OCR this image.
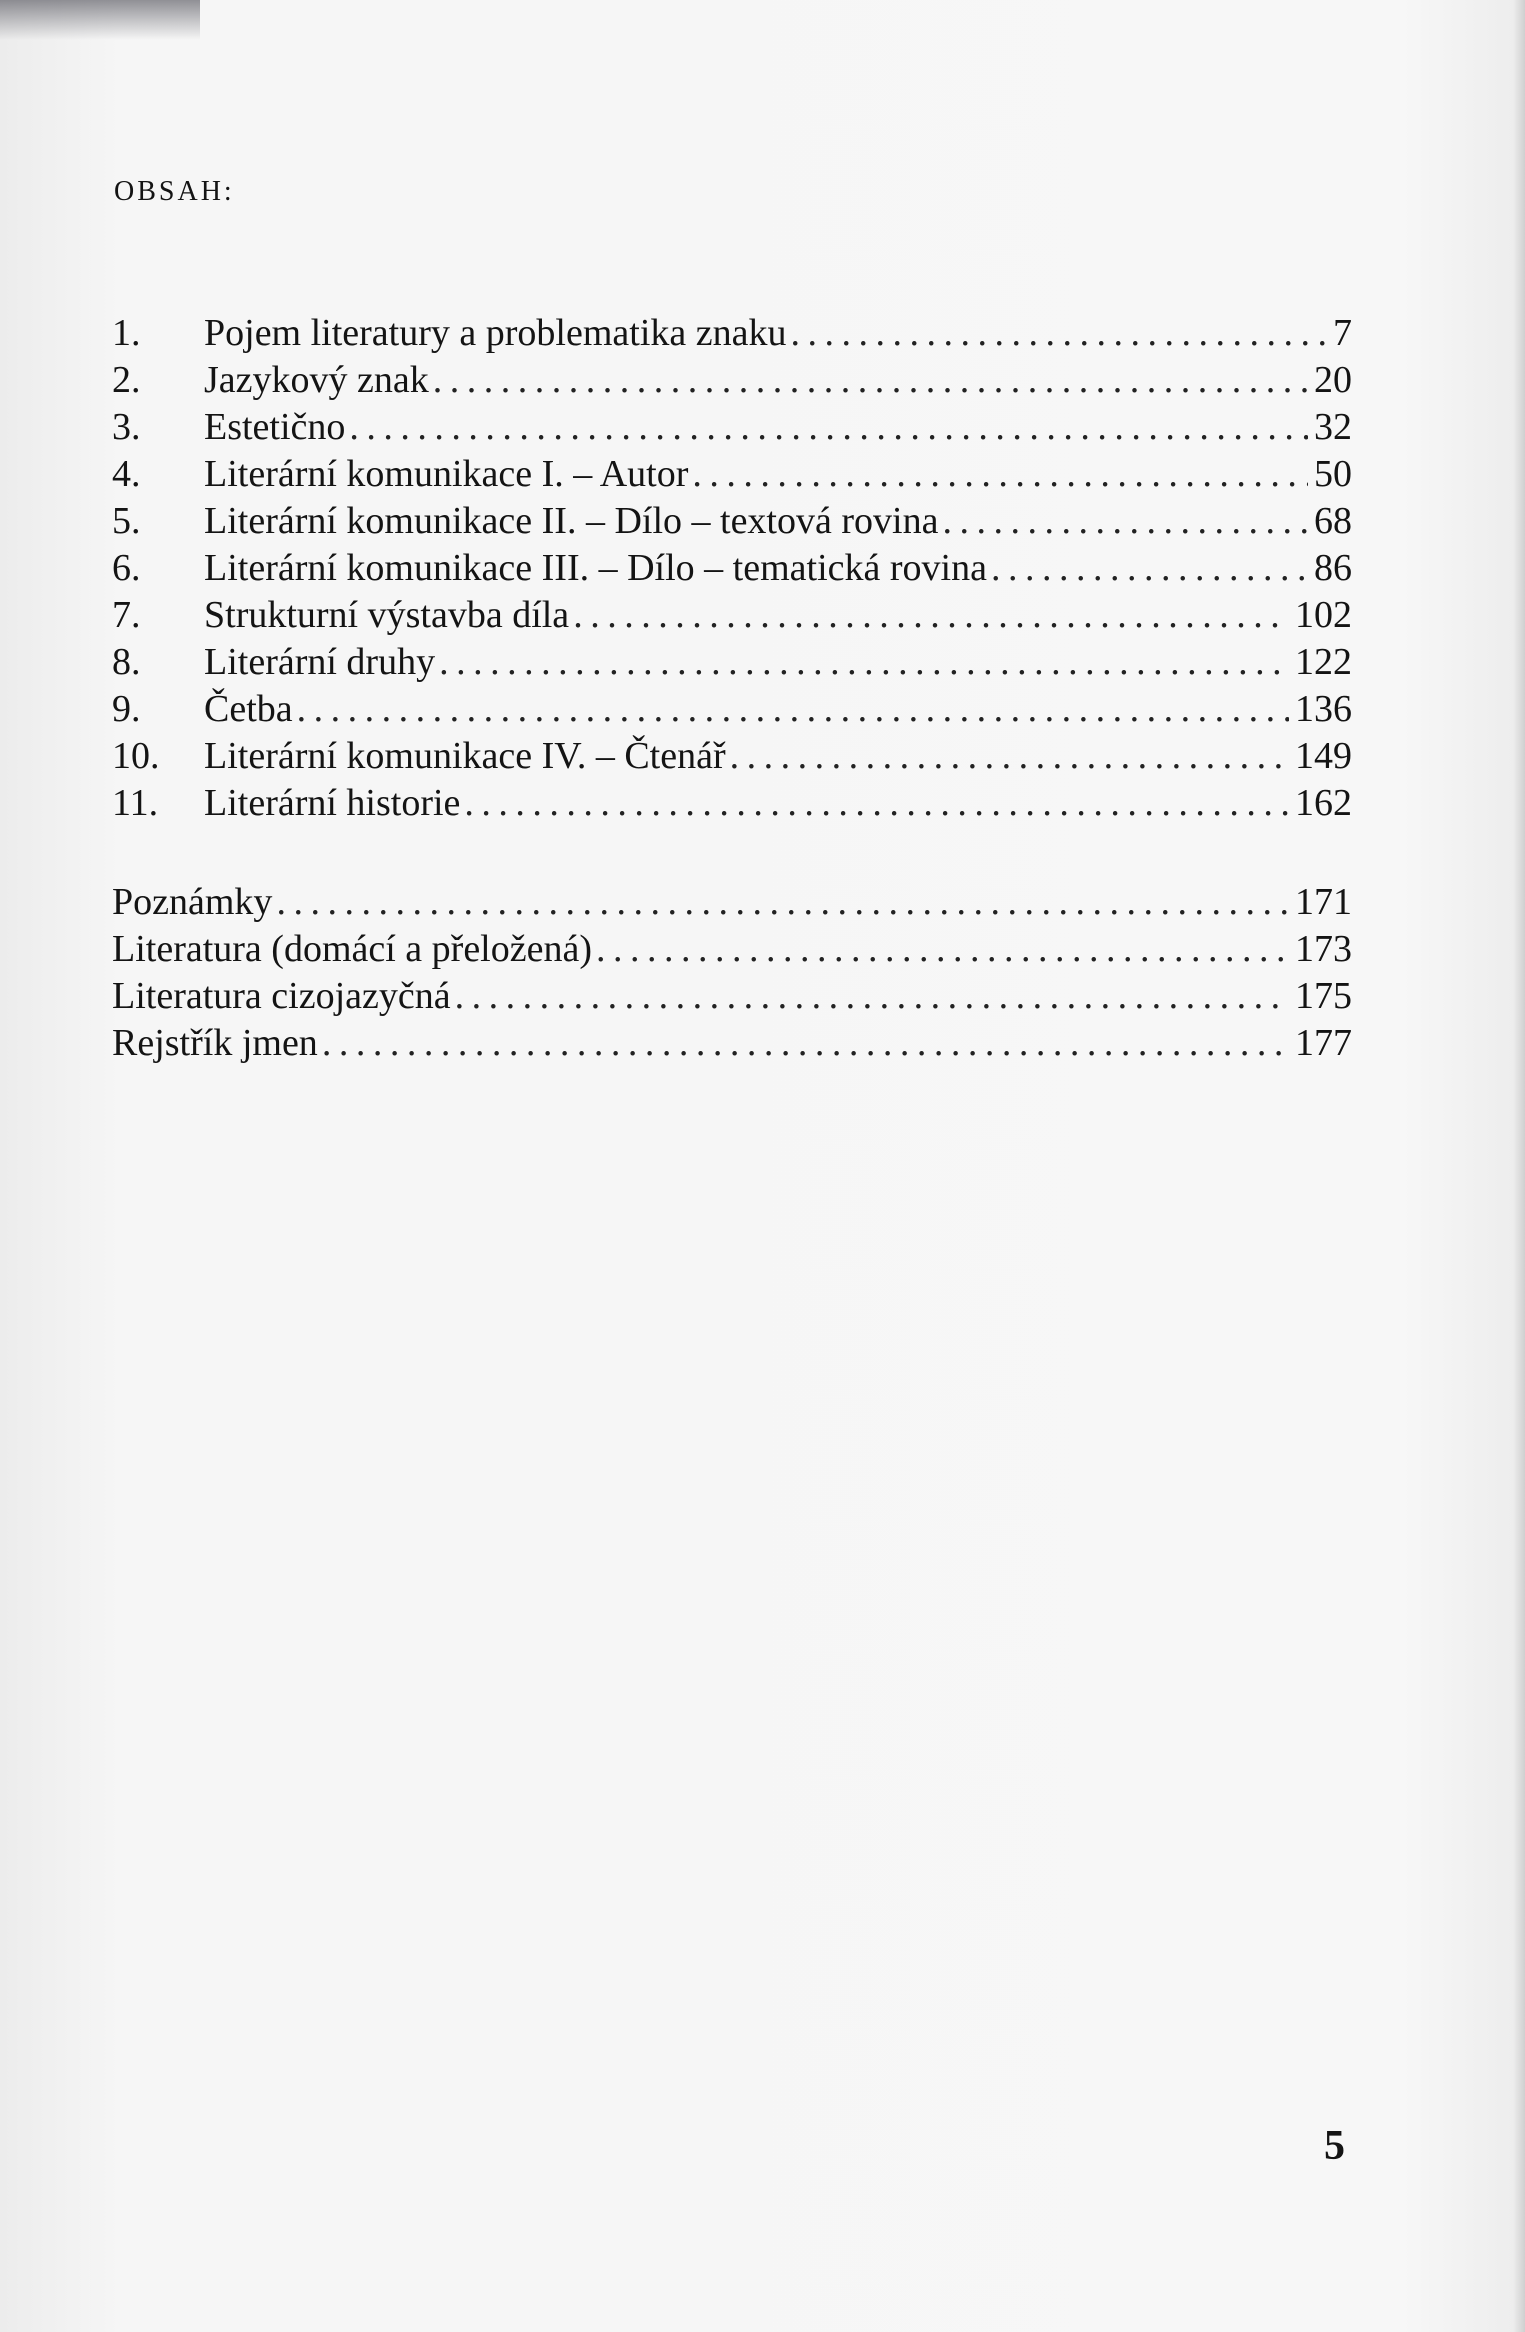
OBSAH:
1.	Pojem literatury a problematika znaku . . .	7
2.	Jazykový znak . . .	20
3.	Estetično . . .	32
4.	Literární komunikace I. – Autor . . .	50
5.	Literární komunikace II. – Dílo – textová rovina . . .	68
6.	Literární komunikace III. – Dílo – tematická rovina . . .	86
7.	Strukturní výstavba díla . . .	102
8.	Literární druhy . . .	122
9.	Četba . . .	136
10.	Literární komunikace IV. – Čtenář . . .	149
11.	Literární historie . . .	162
Poznámky . . .	171
Literatura (domácí a přeložená) . . .	173
Literatura cizojazyčná . . .	175
Rejstřík jmen . . .	177
5
